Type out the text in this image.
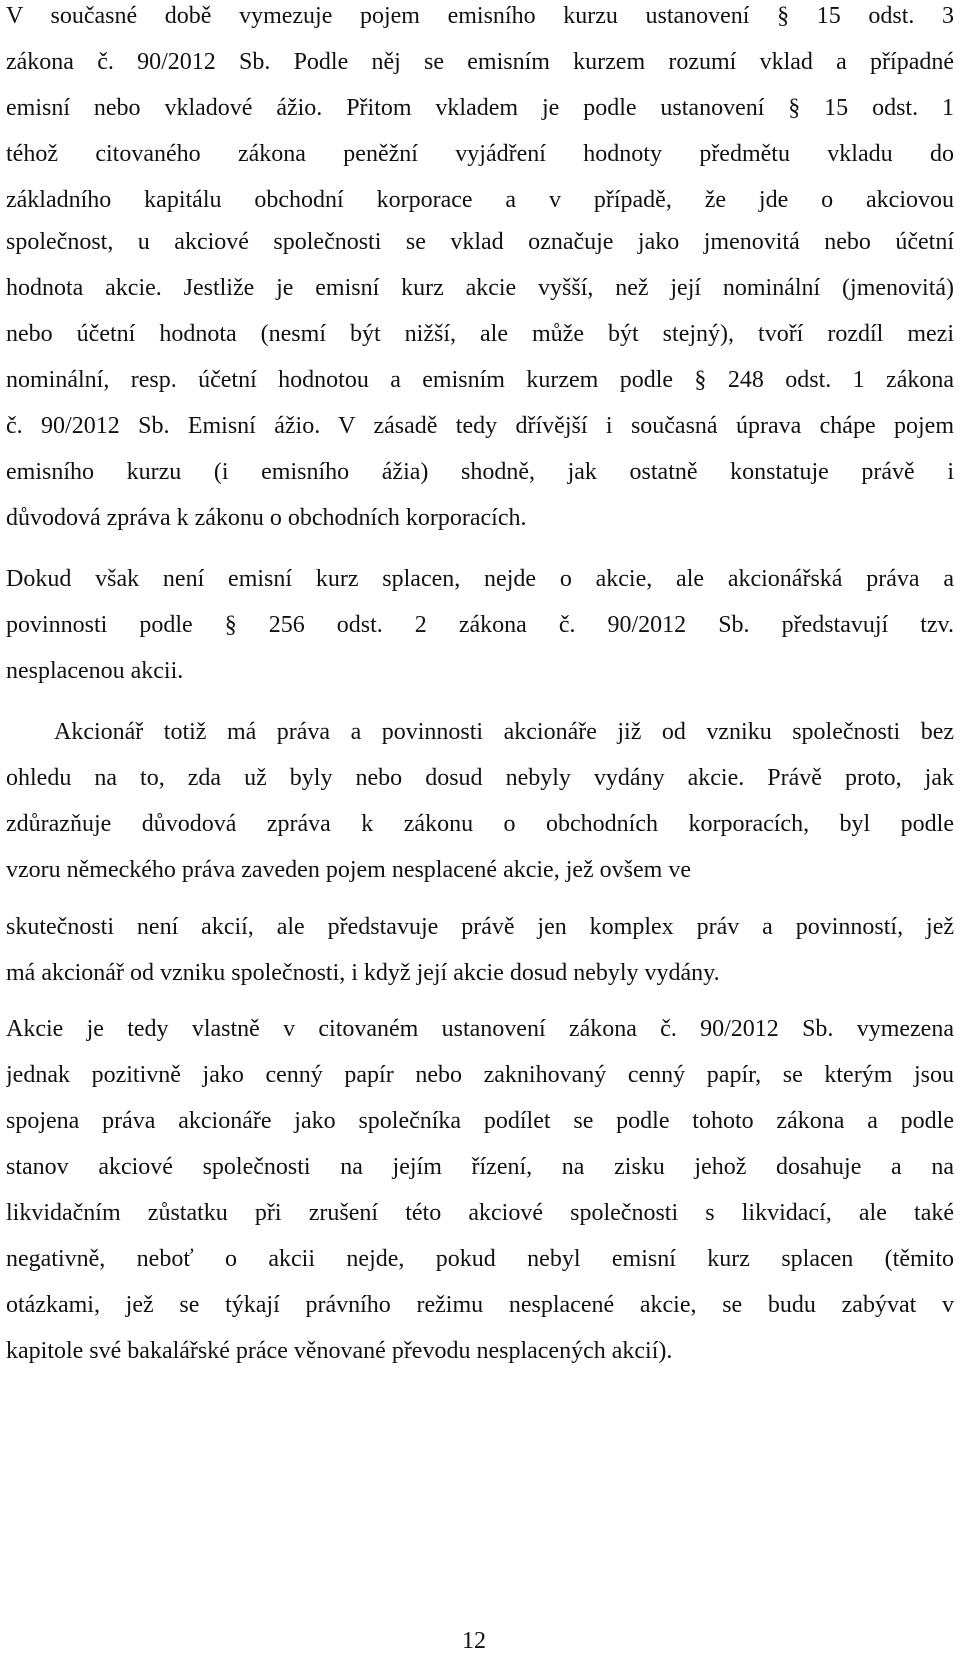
V současné době vymezuje pojem emisního kurzu ustanovení § 15 odst. 3
zákona č. 90/2012 Sb. Podle něj se emisním kurzem rozumí vklad a případné
emisní nebo vkladové ážio. Přitom vkladem je podle ustanovení § 15 odst. 1
téhož citovaného zákona peněžní vyjádření hodnoty předmětu vkladu do
základního kapitálu obchodní korporace a v případě, že jde o akciovou
společnost, u akciové společnosti se vklad označuje jako jmenovitá nebo účetní
hodnota akcie. Jestliže je emisní kurz akcie vyšší, než její nominální (jmenovitá)
nebo účetní hodnota (nesmí být nižší, ale může být stejný), tvoří rozdíl mezi
nominální, resp. účetní hodnotou a emisním kurzem podle § 248 odst. 1 zákona
č. 90/2012 Sb. Emisní ážio. V zásadě tedy dřívější i současná úprava chápe pojem
emisního kurzu (i emisního ážia) shodně, jak ostatně konstatuje právě i
důvodová zpráva k zákonu o obchodních korporacích.
Dokud však není emisní kurz splacen, nejde o akcie, ale akcionářská práva a
povinnosti podle § 256 odst. 2 zákona č. 90/2012 Sb. představují tzv.
nesplacenou akcii.
Akcionář totiž má práva a povinnosti akcionáře již od vzniku společnosti bez
ohledu na to, zda už byly nebo dosud nebyly vydány akcie. Právě proto, jak
zdůrazňuje důvodová zpráva k zákonu o obchodních korporacích, byl podle
vzoru německého práva zaveden pojem nesplacené akcie, jež ovšem ve
skutečnosti není akcií, ale představuje právě jen komplex práv a povinností, jež
má akcionář od vzniku společnosti, i když její akcie dosud nebyly vydány.
Akcie je tedy vlastně v citovaném ustanovení zákona č. 90/2012 Sb. vymezena
jednak pozitivně jako cenný papír nebo zaknihovaný cenný papír, se kterým jsou
spojena práva akcionáře jako společníka podílet se podle tohoto zákona a podle
stanov akciové společnosti na jejím řízení, na zisku jehož dosahuje a na
likvidačním zůstatku při zrušení této akciové společnosti s likvidací, ale také
negativně, neboť o akcii nejde, pokud nebyl emisní kurz splacen (těmito
otázkami, jež se týkají právního režimu nesplacené akcie, se budu zabývat v
kapitole své bakalářské práce věnované převodu nesplacených akcií).
12
